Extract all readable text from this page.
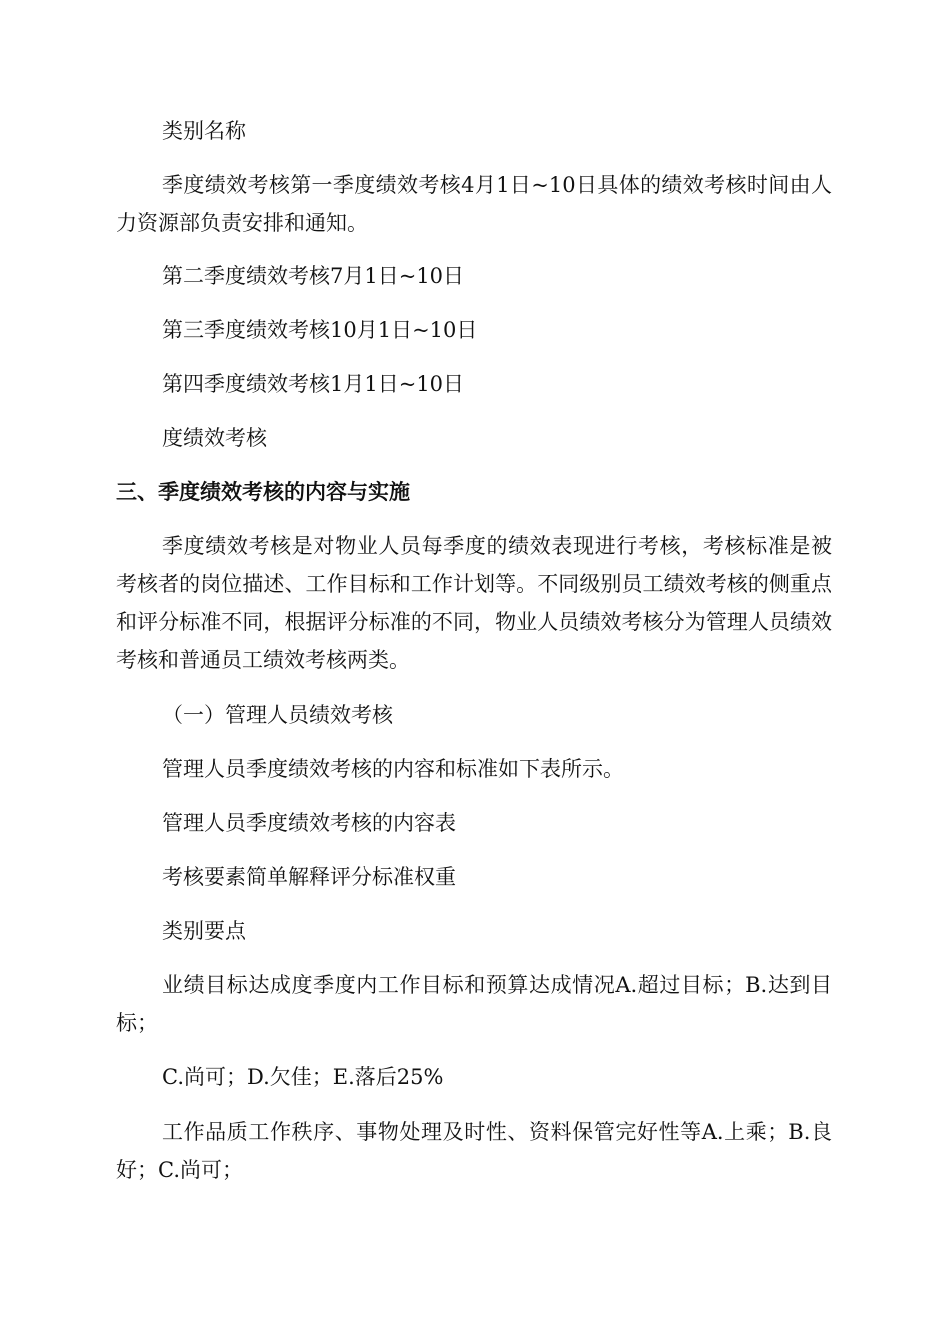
类别名称

季度绩效考核第一季度绩效考核4月1日~10日具体的绩效考核时间由人力资源部负责安排和通知。

第二季度绩效考核7月1日~10日

第三季度绩效考核10月1日~10日

第四季度绩效考核1月1日~10日

度绩效考核

三、季度绩效考核的内容与实施

季度绩效考核是对物业人员每季度的绩效表现进行考核，考核标准是被考核者的岗位描述、工作目标和工作计划等。不同级别员工绩效考核的侧重点和评分标准不同，根据评分标准的不同，物业人员绩效考核分为管理人员绩效考核和普通员工绩效考核两类。

（一）管理人员绩效考核

管理人员季度绩效考核的内容和标准如下表所示。

管理人员季度绩效考核的内容表

考核要素简单解释评分标准权重

类别要点

业绩目标达成度季度内工作目标和预算达成情况A.超过目标；B.达到目标；

C.尚可；D.欠佳；E.落后25%

工作品质工作秩序、事物处理及时性、资料保管完好性等A.上乘；B.良好；C.尚可；
